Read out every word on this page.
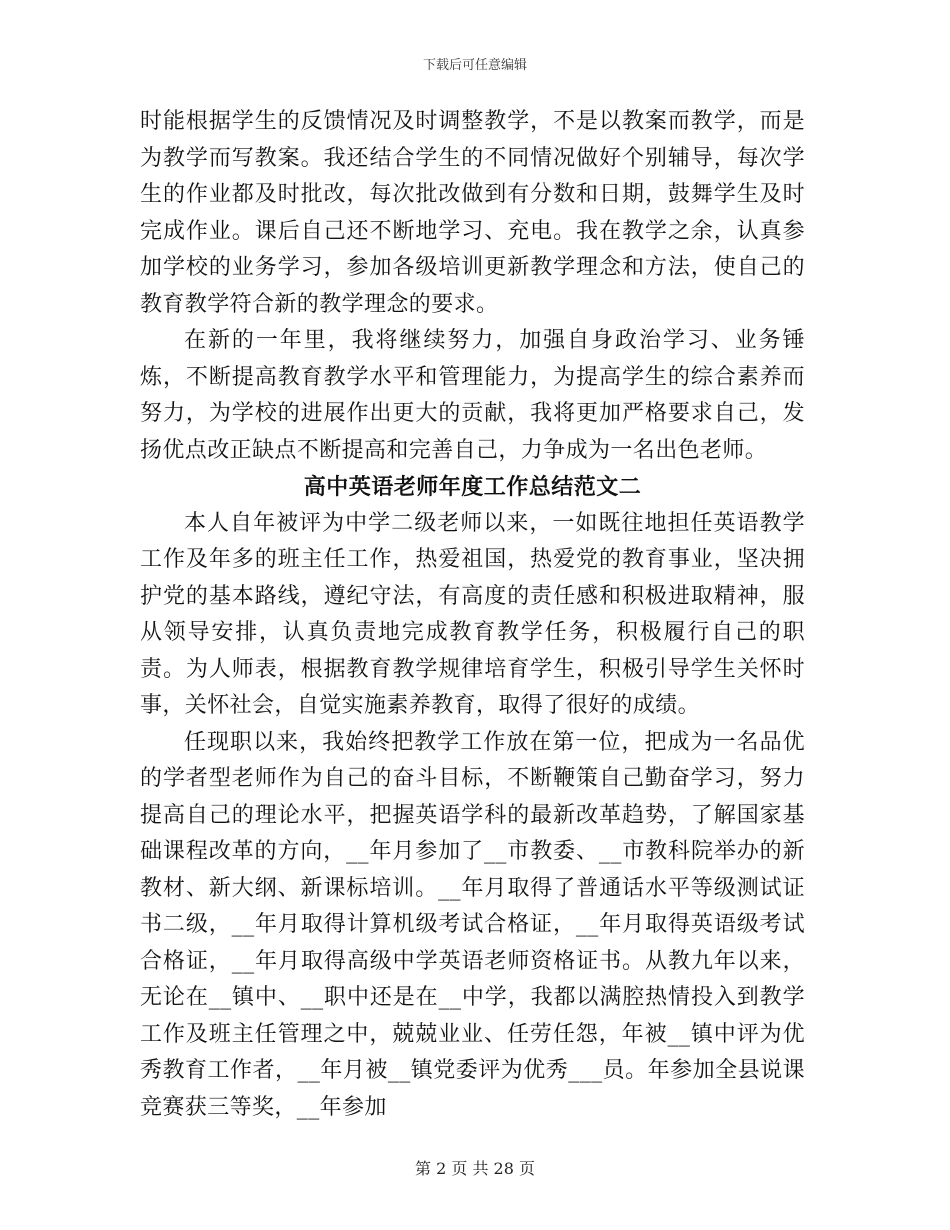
下载后可任意编辑

时能根据学生的反馈情况及时调整教学，不是以教案而教学，而是为教学而写教案。我还结合学生的不同情况做好个别辅导，每次学生的作业都及时批改，每次批改做到有分数和日期，鼓舞学生及时完成作业。课后自己还不断地学习、充电。我在教学之余，认真参加学校的业务学习，参加各级培训更新教学理念和方法，使自己的教育教学符合新的教学理念的要求。

在新的一年里，我将继续努力，加强自身政治学习、业务锤炼，不断提高教育教学水平和管理能力，为提高学生的综合素养而努力，为学校的进展作出更大的贡献，我将更加严格要求自己，发扬优点改正缺点不断提高和完善自己，力争成为一名出色老师。

高中英语老师年度工作总结范文二

本人自年被评为中学二级老师以来，一如既往地担任英语教学工作及年多的班主任工作，热爱祖国，热爱党的教育事业，坚决拥护党的基本路线，遵纪守法，有高度的责任感和积极进取精神，服从领导安排，认真负责地完成教育教学任务，积极履行自己的职责。为人师表，根据教育教学规律培育学生，积极引导学生关怀时事，关怀社会，自觉实施素养教育，取得了很好的成绩。

任现职以来，我始终把教学工作放在第一位，把成为一名品优的学者型老师作为自己的奋斗目标，不断鞭策自己勤奋学习，努力提高自己的理论水平，把握英语学科的最新改革趋势，了解国家基础课程改革的方向，__年月参加了__市教委、__市教科院举办的新教材、新大纲、新课标培训。__年月取得了普通话水平等级测试证书二级，__年月取得计算机级考试合格证，__年月取得英语级考试合格证，__年月取得高级中学英语老师资格证书。从教九年以来，无论在__镇中、__职中还是在__中学，我都以满腔热情投入到教学工作及班主任管理之中，兢兢业业、任劳任怨，年被__镇中评为优秀教育工作者，__年月被__镇党委评为优秀___员。年参加全县说课竞赛获三等奖，__年参加

第 2 页 共 28 页
